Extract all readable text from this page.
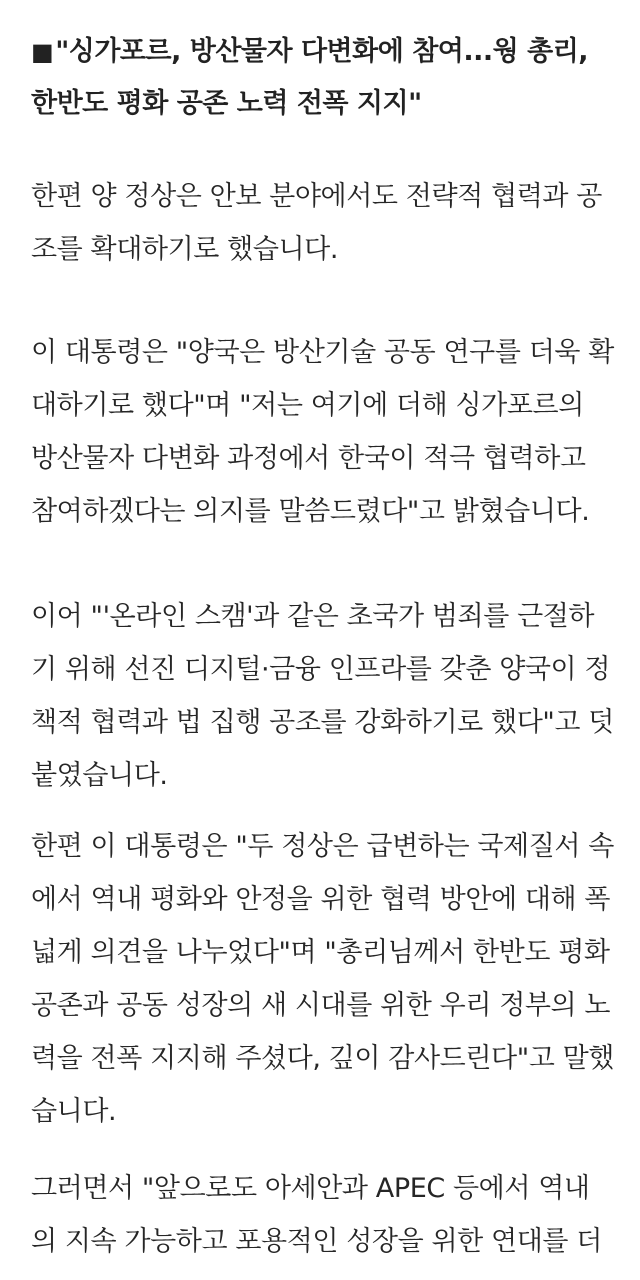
■"싱가포르, 방산물자 다변화에 참여...웡 총리,
한반도 평화 공존 노력 전폭 지지"

한편 양 정상은 안보 분야에서도 전략적 협력과 공
조를 확대하기로 했습니다.

이 대통령은 "양국은 방산기술 공동 연구를 더욱 확
대하기로 했다"며 "저는 여기에 더해 싱가포르의
방산물자 다변화 과정에서 한국이 적극 협력하고
참여하겠다는 의지를 말씀드렸다"고 밝혔습니다.

이어 "'온라인 스캠'과 같은 초국가 범죄를 근절하
기 위해 선진 디지털·금융 인프라를 갖춘 양국이 정
책적 협력과 법 집행 공조를 강화하기로 했다"고 덧
붙였습니다.

한편 이 대통령은 "두 정상은 급변하는 국제질서 속
에서 역내 평화와 안정을 위한 협력 방안에 대해 폭
넓게 의견을 나누었다"며 "총리님께서 한반도 평화
공존과 공동 성장의 새 시대를 위한 우리 정부의 노
력을 전폭 지지해 주셨다, 깊이 감사드린다"고 말했
습니다.

그러면서 "앞으로도 아세안과 APEC 등에서 역내
의 지속 가능하고 포용적인 성장을 위한 연대를 더
